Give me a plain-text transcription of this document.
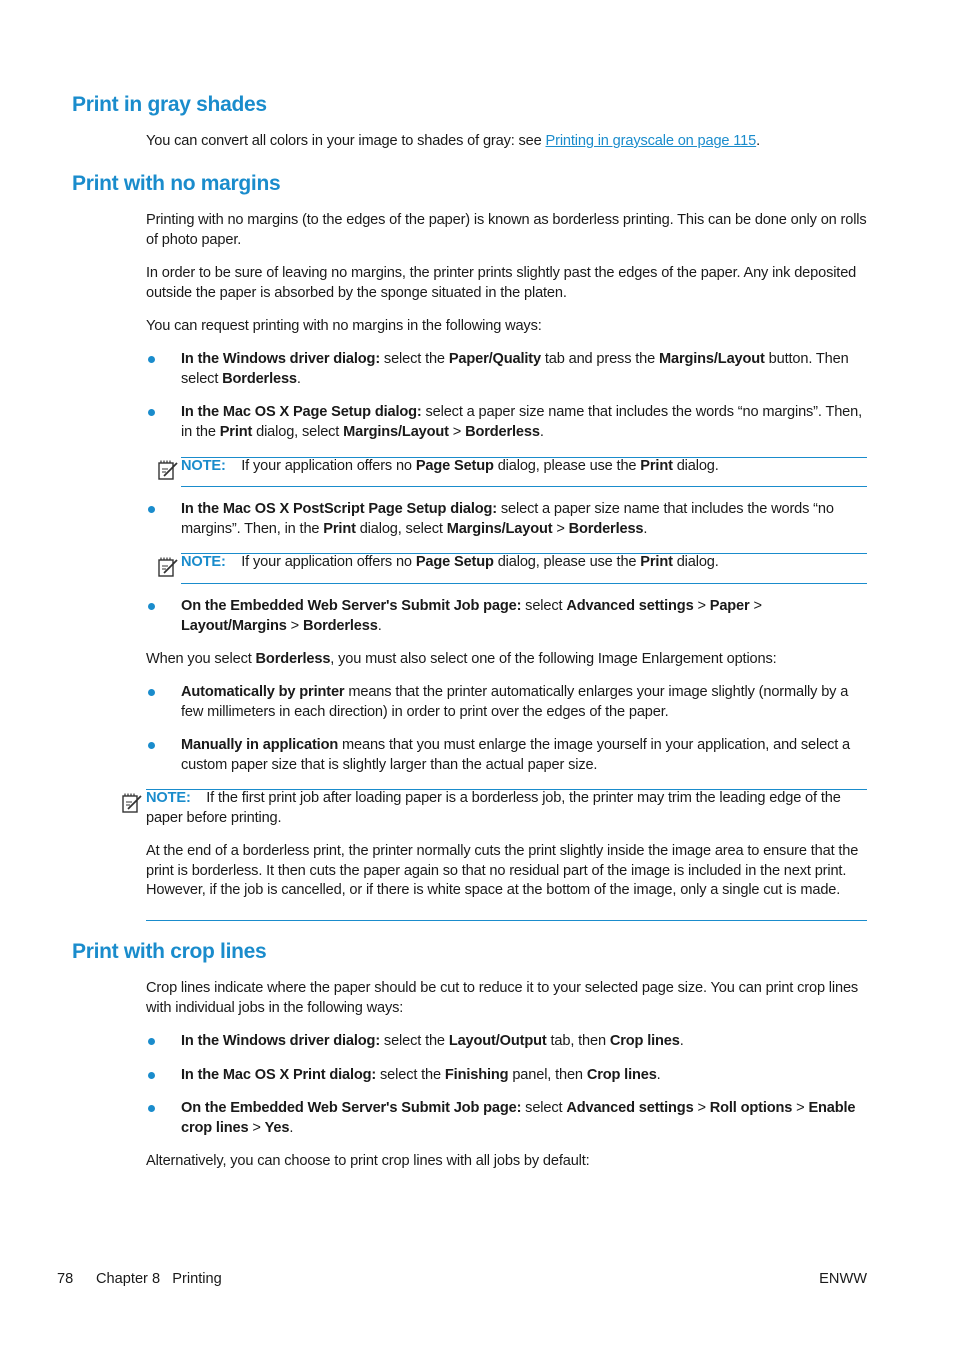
Print in gray shades
You can convert all colors in your image to shades of gray: see Printing in grayscale on page 115.
Print with no margins
Printing with no margins (to the edges of the paper) is known as borderless printing. This can be done only on rolls of photo paper.
In order to be sure of leaving no margins, the printer prints slightly past the edges of the paper. Any ink deposited outside the paper is absorbed by the sponge situated in the platen.
You can request printing with no margins in the following ways:
In the Windows driver dialog: select the Paper/Quality tab and press the Margins/Layout button. Then select Borderless.
In the Mac OS X Page Setup dialog: select a paper size name that includes the words “no margins”. Then, in the Print dialog, select Margins/Layout > Borderless.
NOTE: If your application offers no Page Setup dialog, please use the Print dialog.
In the Mac OS X PostScript Page Setup dialog: select a paper size name that includes the words “no margins”. Then, in the Print dialog, select Margins/Layout > Borderless.
NOTE: If your application offers no Page Setup dialog, please use the Print dialog.
On the Embedded Web Server's Submit Job page: select Advanced settings > Paper > Layout/Margins > Borderless.
When you select Borderless, you must also select one of the following Image Enlargement options:
Automatically by printer means that the printer automatically enlarges your image slightly (normally by a few millimeters in each direction) in order to print over the edges of the paper.
Manually in application means that you must enlarge the image yourself in your application, and select a custom paper size that is slightly larger than the actual paper size.
NOTE: If the first print job after loading paper is a borderless job, the printer may trim the leading edge of the paper before printing.
At the end of a borderless print, the printer normally cuts the print slightly inside the image area to ensure that the print is borderless. It then cuts the paper again so that no residual part of the image is included in the next print. However, if the job is cancelled, or if there is white space at the bottom of the image, only a single cut is made.
Print with crop lines
Crop lines indicate where the paper should be cut to reduce it to your selected page size. You can print crop lines with individual jobs in the following ways:
In the Windows driver dialog: select the Layout/Output tab, then Crop lines.
In the Mac OS X Print dialog: select the Finishing panel, then Crop lines.
On the Embedded Web Server's Submit Job page: select Advanced settings > Roll options > Enable crop lines > Yes.
Alternatively, you can choose to print crop lines with all jobs by default:
78 Chapter 8   Printing	ENWW
